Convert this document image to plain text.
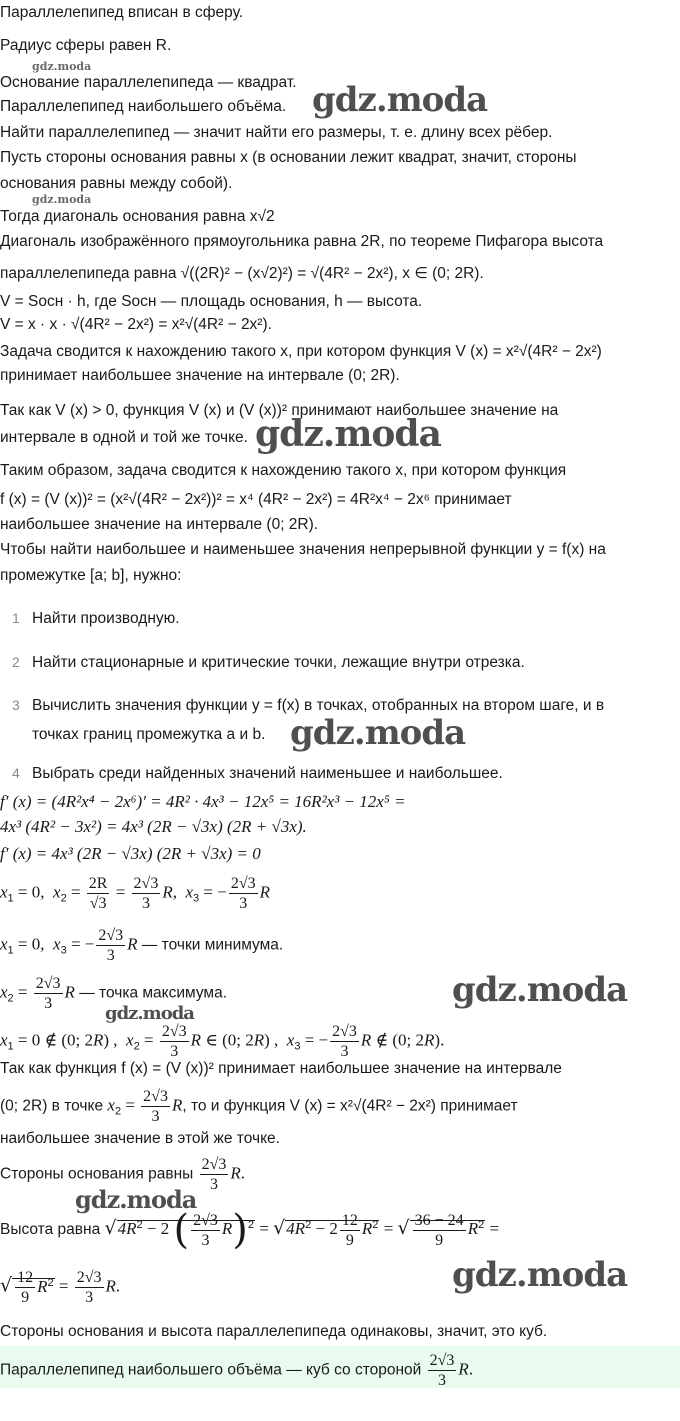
Параллелепипед вписан в сферу.
Радиус сферы равен R.
Основание параллелепипеда — квадрат.
Параллелепипед наибольшего объёма.
Найти параллелепипед — значит найти его размеры, т. е. длину всех рёбер.
Пусть стороны основания равны x (в основании лежит квадрат, значит, стороны
основания равны между собой).
Тогда диагональ основания равна x√2
Диагональ изображённого прямоугольника равна 2R, по теореме Пифагора высота
параллелепипеда равна √((2R)² − (x√2)²) = √(4R² − 2x²), x ∈ (0; 2R).
V = Sосн · h, где Sосн — площадь основания, h — высота.
V = x · x · √(4R² − 2x²) = x²√(4R² − 2x²).
Задача сводится к нахождению такого x, при котором функция V (x) = x²√(4R² − 2x²)
принимает наибольшее значение на интервале (0; 2R).
Так как V (x) > 0, функция V (x) и (V (x))² принимают наибольшее значение на
интервале в одной и той же точке.
Таким образом, задача сводится к нахождению такого x, при котором функция
f (x) = (V (x))² = (x²√(4R² − 2x²))² = x⁴ (4R² − 2x²) = 4R²x⁴ − 2x⁶ принимает
наибольшее значение на интервале (0; 2R).
Чтобы найти наибольшее и наименьшее значения непрерывной функции y = f(x) на
промежутке [a; b], нужно:
1 Найти производную.
2 Найти стационарные и критические точки, лежащие внутри отрезка.
3 Вычислить значения функции y = f(x) в точках, отобранных на втором шаге, и в
точках границ промежутка a и b.
4 Выбрать среди найденных значений наименьшее и наибольшее.
f′ (x) = (4R²x⁴ − 2x⁶)′ = 4R² · 4x³ − 12x⁵ = 16R²x³ − 12x⁵ =
4x³ (4R² − 3x²) = 4x³ (2R − √3x) (2R + √3x).
f′ (x) = 4x³ (2R − √3x) (2R + √3x) = 0
$x_1 = 0$,  $x_2 = \frac{2R}{√3} = \frac{2√3}{3} R$,  $x_3$ = − $\frac{2√3}{3}$ R
$x_1 = 0$,  $x_3$ = − $\frac{2√3}{3}$ R — точки минимума.
$x_2 = \frac{2√3}{3}$ R — точка максимума.
$x_1 = 0$ ∉ (0; 2R) ,  $x_2 = \frac{2√3}{3}$ R ∈ (0; 2R) ,  $x_3$ = − $\frac{2√3}{3}$ R ∉ (0; 2R).
Так как функция f (x) = (V (x))² принимает наибольшее значение на интервале
(0; 2R) в точке $x_2 = \frac{2√3}{3} R$, то и функция V (x) = x²√(4R² − 2x²) принимает
наибольшее значение в этой же точке.
Стороны основания равны $\frac{2√3}{3} R$.
Высота равна $√4R^2 - 2$ ( $\frac{2√3}{3} R)^2 = √4R^2 - 2 \frac{12}{9} R^2$ = √ $\frac{36 - 24}{9} R^2$ =
√ $\frac{12}{9} R^2 = \frac{2√3}{3} R$.
Стороны основания и высота параллелепипеда одинаковы, значит, это куб.
Параллелепипед наибольшего объёма — куб со стороной $\frac{2√3}{3} R$.
gdz.moda
gdz.moda
gdz.moda
gdz.moda
gdz.moda
gdz.moda
gdz.moda
gdz.moda
gdz.moda
